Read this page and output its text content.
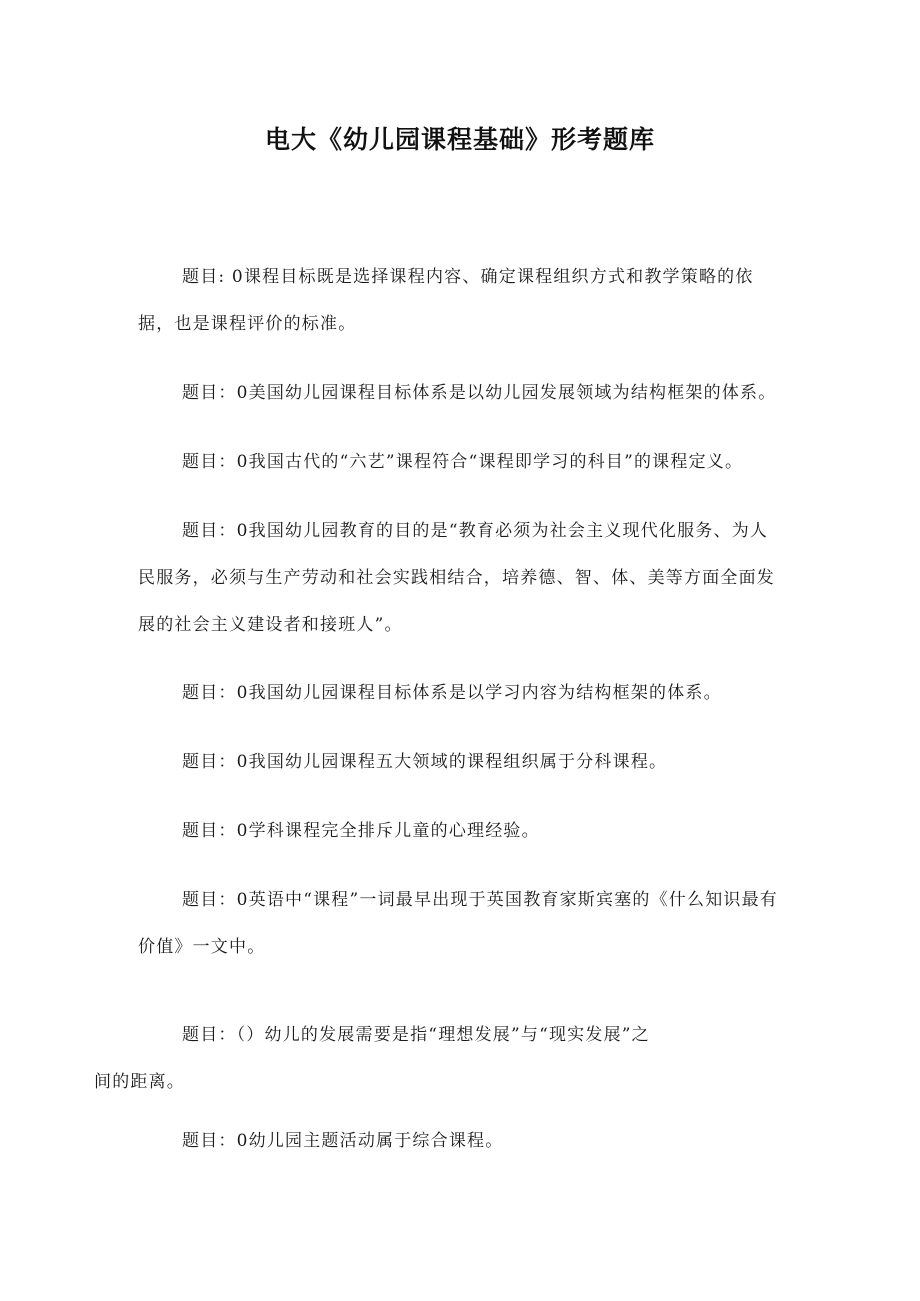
电大《幼儿园课程基础》形考题库

题目: 0课程目标既是选择课程内容、确定课程组织方式和教学策略的依据，也是课程评价的标准。

题目：0美国幼儿园课程目标体系是以幼儿园发展领域为结构框架的体系。

题目：0我国古代的“六艺”课程符合“课程即学习的科目”的课程定义。

题目：0我国幼儿园教育的目的是“教育必须为社会主义现代化服务、为人民服务，必须与生产劳动和社会实践相结合，培养德、智、体、美等方面全面发展的社会主义建设者和接班人”。

题目：0我国幼儿园课程目标体系是以学习内容为结构框架的体系。

题目：0我国幼儿园课程五大领域的课程组织属于分科课程。

题目：0学科课程完全排斥儿童的心理经验。

题目：0英语中“课程”一词最早出现于英国教育家斯宾塞的《什么知识最有价值》一文中。

题目：（）幼儿的发展需要是指“理想发展”与“现实发展”之
间的距离。

题目：0幼儿园主题活动属于综合课程。
